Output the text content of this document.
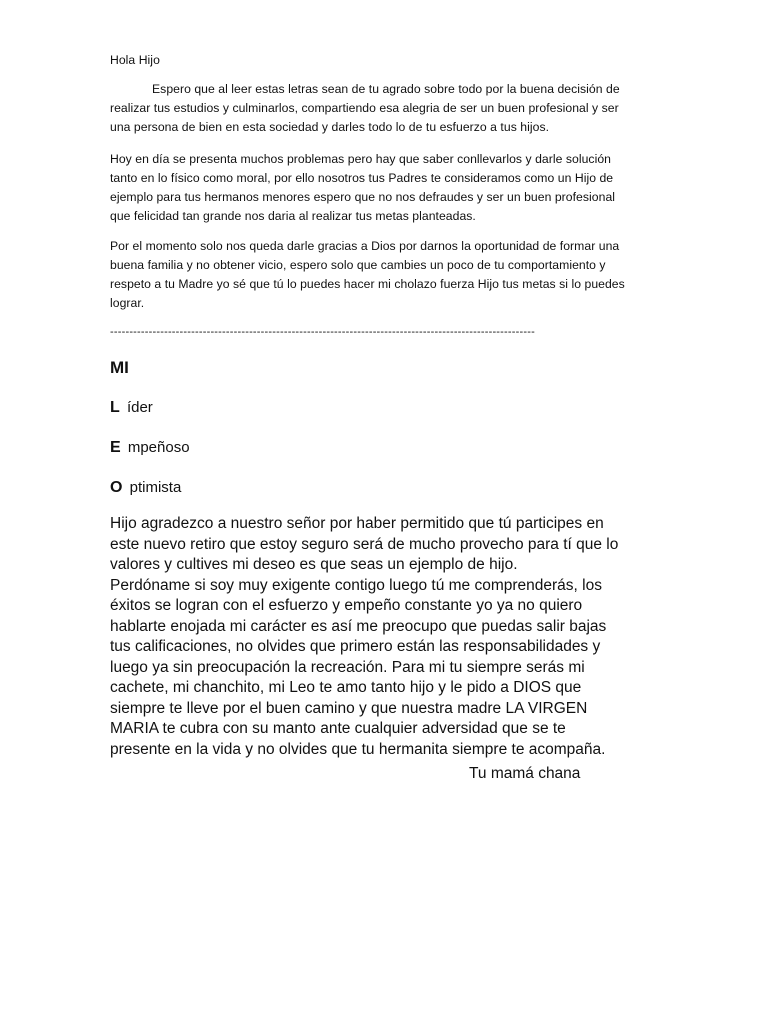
Hola Hijo
Espero que al leer estas letras sean de tu agrado sobre todo por la buena decisión de
realizar tus estudios y culminarlos, compartiendo esa alegria de ser un buen profesional y ser
una persona de bien en esta sociedad y darles todo lo de tu esfuerzo a tus hijos.
Hoy en día se presenta muchos problemas pero hay que saber conllevarlos y darle solución
tanto en lo físico como moral, por ello nosotros tus Padres te consideramos como un Hijo de
ejemplo para tus hermanos menores espero que no nos defraudes y ser un buen profesional
que felicidad tan grande nos daria al realizar tus metas planteadas.
Por el momento solo nos queda darle gracias a Dios por darnos la oportunidad de formar una
buena familia y no obtener vicio, espero solo que cambies un poco de tu comportamiento y
respeto a tu Madre yo sé que tú lo puedes hacer mi cholazo fuerza Hijo tus metas si lo puedes
lograr.
--------------------------------------------------------------------------------------------------------------
MI
L íder
E mpeñoso
O ptimista
Hijo agradezco a nuestro señor por haber permitido que tú participes en
este nuevo retiro que estoy seguro será de mucho provecho para tí que lo
valores y cultives mi deseo es que seas un ejemplo de hijo.
Perdóname si soy muy exigente contigo luego tú me comprenderás, los
éxitos se logran con el esfuerzo y empeño constante yo ya no quiero
hablarte enojada mi carácter es así me preocupo que puedas salir bajas
tus calificaciones, no olvides que primero están las responsabilidades y
luego ya sin preocupación la recreación. Para mi tu siempre serás mi
cachete, mi chanchito, mi Leo te amo tanto hijo y le pido a DIOS que
siempre te lleve por el buen camino y que nuestra madre LA VIRGEN
MARIA te cubra con su manto ante cualquier adversidad que se te
presente en la vida y no olvides que tu hermanita siempre te acompaña.
Tu mamá chana
